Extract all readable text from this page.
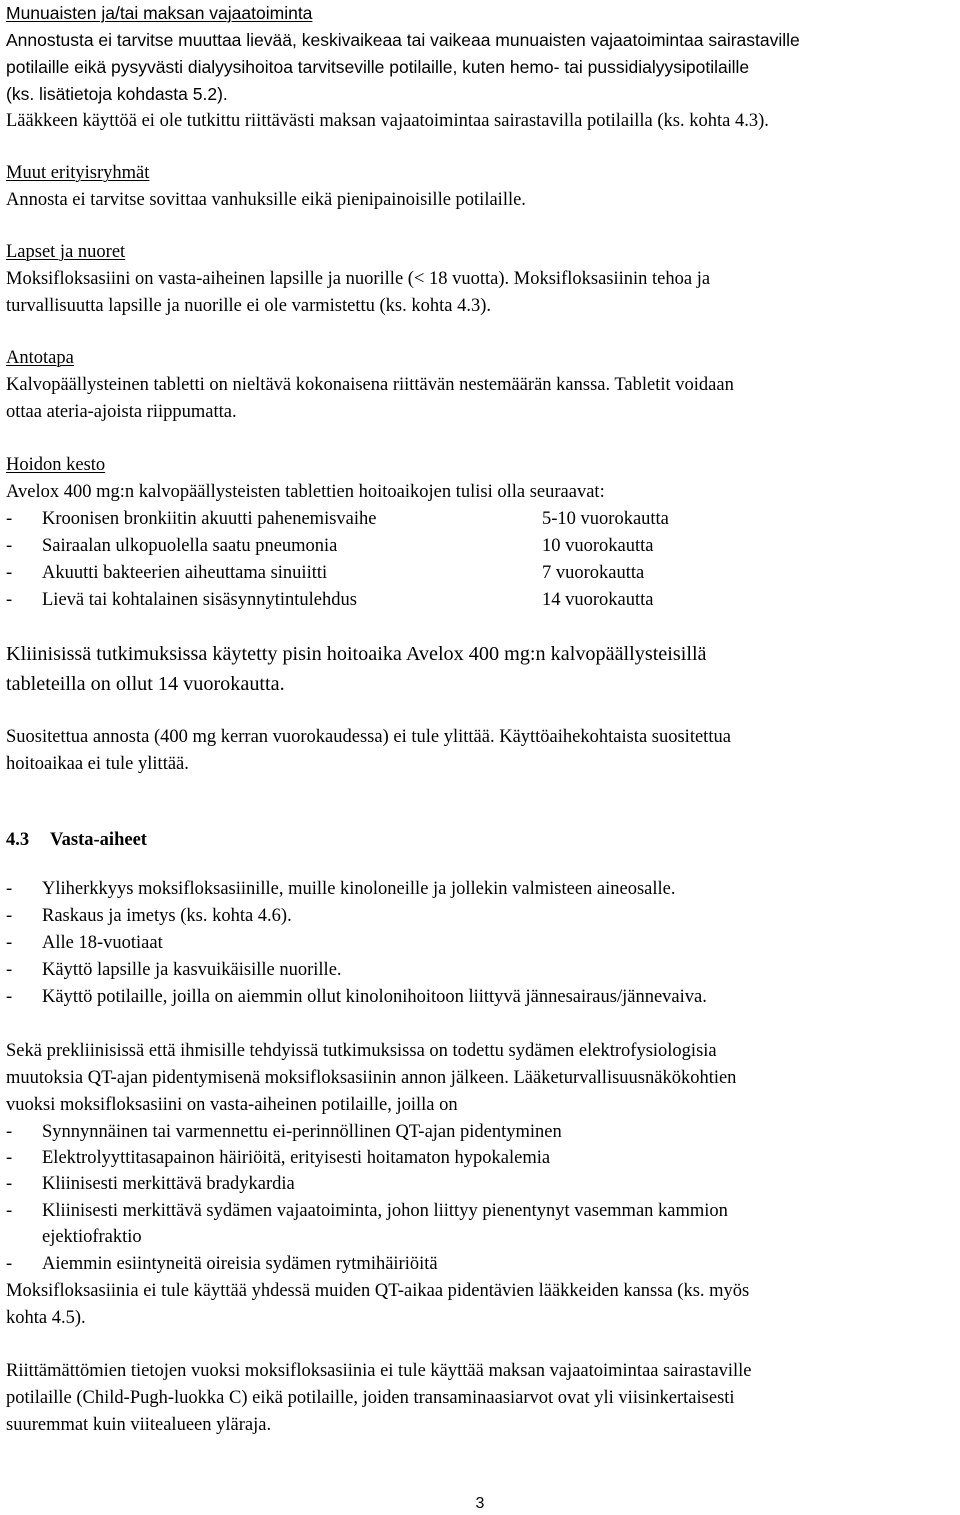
Munuaisten ja/tai maksan vajaatoiminta
Annostusta ei tarvitse muuttaa lievää, keskivaikeaa tai vaikeaa munuaisten vajaatoimintaa sairastaville
potilaille eikä pysyvästi dialyysihoitoa tarvitseville potilaille, kuten hemo- tai pussidialyysipotilaille
(ks. lisätietoja kohdasta 5.2).
Lääkkeen käyttöä ei ole tutkittu riittävästi maksan vajaatoimintaa sairastavilla potilailla (ks. kohta 4.3).
Muut erityisryhmät
Annosta ei tarvitse sovittaa vanhuksille eikä pienipainoisille potilaille.
Lapset ja nuoret
Moksifloksasiini on vasta-aiheinen lapsille ja nuorille (< 18 vuotta). Moksifloksasiinin tehoa ja
turvallisuutta lapsille ja nuorille ei ole varmistettu (ks. kohta 4.3).
Antotapa
Kalvopäällysteinen tabletti on nieltävä kokonaisena riittävän nestemäärän kanssa. Tabletit voidaan
ottaa ateria-ajoista riippumatta.
Hoidon kesto
Avelox 400 mg:n kalvopäällysteisten tablettien hoitoaikojen tulisi olla seuraavat:
- Kroonisen bronkiitin akuutti pahenemisvaihe	5-10 vuorokautta
- Sairaalan ulkopuolella saatu pneumonia	10 vuorokautta
- Akuutti bakteerien aiheuttama sinuiitti	7 vuorokautta
- Lievä tai kohtalainen sisäsynnytintulehdus	14 vuorokautta
Kliinisissä tutkimuksissa käytetty pisin hoitoaika Avelox 400 mg:n kalvopäällysteisillä
tableteilla on ollut 14 vuorokautta.
Suositettua annosta (400 mg kerran vuorokaudessa) ei tule ylittää. Käyttöaihekohtaista suositettua
hoitoaikaa ei tule ylittää.
4.3 Vasta-aiheet
- Yliherkkyys moksifloksasiinille, muille kinoloneille ja jollekin valmisteen aineosalle.
- Raskaus ja imetys (ks. kohta 4.6).
- Alle 18-vuotiaat
- Käyttö lapsille ja kasvuikäisille nuorille.
- Käyttö potilaille, joilla on aiemmin ollut kinolonihoitoon liittyvä jännesairaus/jännevaiva.
Sekä prekliinisissä että ihmisille tehdyissä tutkimuksissa on todettu sydämen elektrofysiologisia
muutoksia QT-ajan pidentymisenä moksifloksasiinin annon jälkeen. Lääketurvallisuusnäkökohtien
vuoksi moksifloksasiini on vasta-aiheinen potilaille, joilla on
- Synnynnäinen tai varmennettu ei-perinnöllinen QT-ajan pidentyminen
- Elektrolyyttitasapainon häiriöitä, erityisesti hoitamaton hypokalemia
- Kliinisesti merkittävä bradykardia
- Kliinisesti merkittävä sydämen vajaatoiminta, johon liittyy pienentynyt vasemman kammion
ejektiofraktio
- Aiemmin esiintyneitä oireisia sydämen rytmihäiriöitä
Moksifloksasiinia ei tule käyttää yhdessä muiden QT-aikaa pidentävien lääkkeiden kanssa (ks. myös
kohta 4.5).
Riittämättömien tietojen vuoksi moksifloksasiinia ei tule käyttää maksan vajaatoimintaa sairastaville
potilaille (Child-Pugh-luokka C) eikä potilaille, joiden transaminaasiarvot ovat yli viisinkertaisesti
suuremmat kuin viitealueen yläraja.
3
